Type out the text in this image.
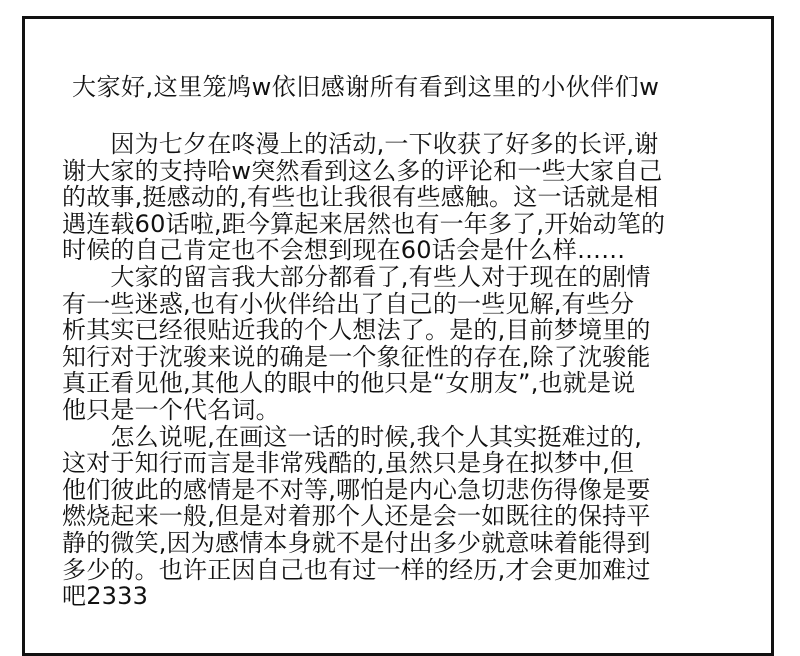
大家好,这里笼鸠w依旧感谢所有看到这里的小伙伴们w
　　因为七夕在咚漫上的活动,一下收获了好多的长评,谢
谢大家的支持哈w突然看到这么多的评论和一些大家自己
的故事,挺感动的,有些也让我很有些感触。这一话就是相
遇连载60话啦,距今算起来居然也有一年多了,开始动笔的
时候的自己肯定也不会想到现在60话会是什么样……
　　大家的留言我大部分都看了,有些人对于现在的剧情
有一些迷惑,也有小伙伴给出了自己的一些见解,有些分
析其实已经很贴近我的个人想法了。是的,目前梦境里的
知行对于沈骏来说的确是一个象征性的存在,除了沈骏能
真正看见他,其他人的眼中的他只是“女朋友”,也就是说
他只是一个代名词。
　　怎么说呢,在画这一话的时候,我个人其实挺难过的,
这对于知行而言是非常残酷的,虽然只是身在拟梦中,但
他们彼此的感情是不对等,哪怕是内心急切悲伤得像是要
燃烧起来一般,但是对着那个人还是会一如既往的保持平
静的微笑,因为感情本身就不是付出多少就意味着能得到
多少的。也许正因自己也有过一样的经历,才会更加难过
吧2333
